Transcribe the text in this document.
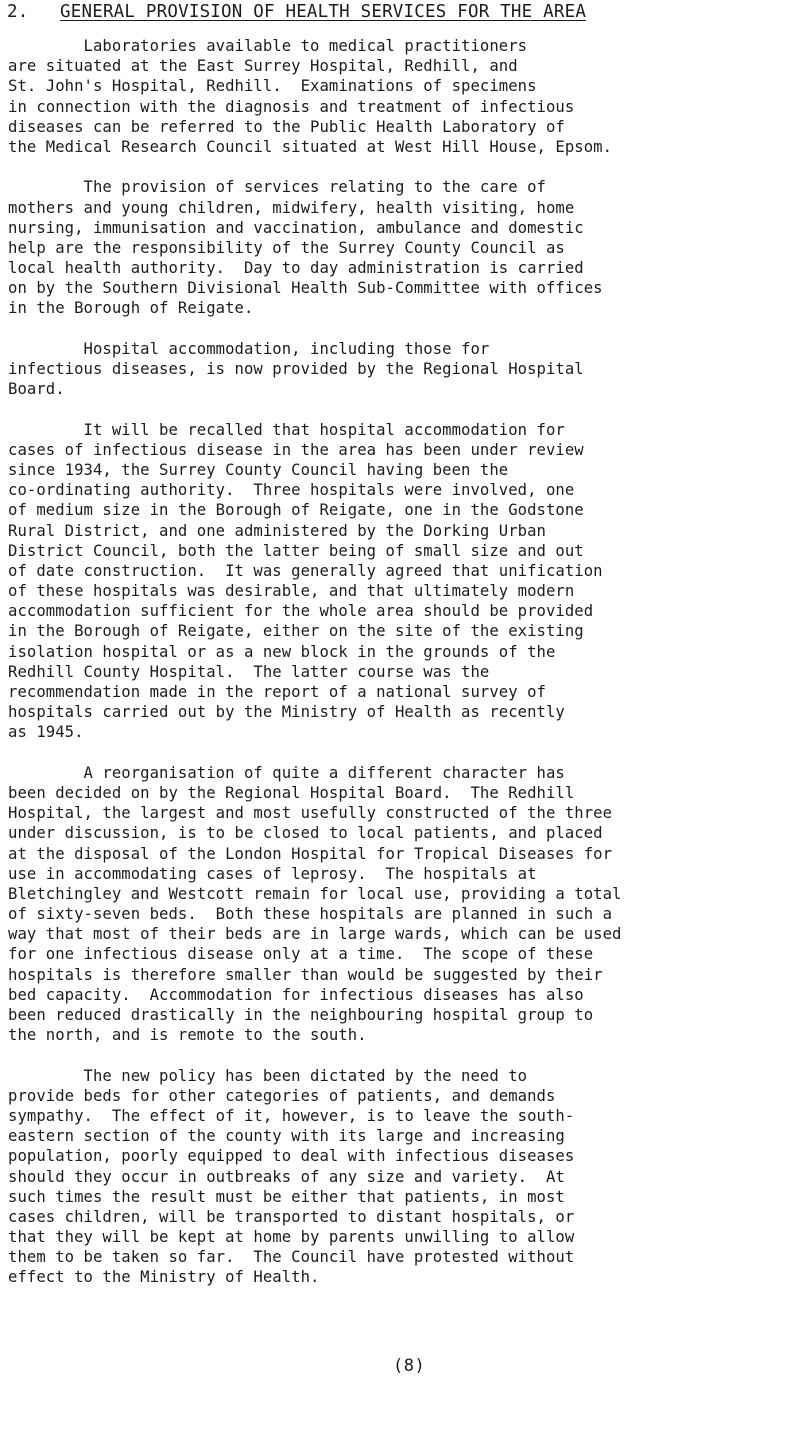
2. GENERAL PROVISION OF HEALTH SERVICES FOR THE AREA
Laboratories available to medical practitioners
are situated at the East Surrey Hospital, Redhill, and
St. John's Hospital, Redhill.  Examinations of specimens
in connection with the diagnosis and treatment of infectious
diseases can be referred to the Public Health Laboratory of
the Medical Research Council situated at West Hill House, Epsom.
The provision of services relating to the care of
mothers and young children, midwifery, health visiting, home
nursing, immunisation and vaccination, ambulance and domestic
help are the responsibility of the Surrey County Council as
local health authority.  Day to day administration is carried
on by the Southern Divisional Health Sub-Committee with offices
in the Borough of Reigate.
Hospital accommodation, including those for
infectious diseases, is now provided by the Regional Hospital
Board.
It will be recalled that hospital accommodation for
cases of infectious disease in the area has been under review
since 1934, the Surrey County Council having been the
co-ordinating authority.  Three hospitals were involved, one
of medium size in the Borough of Reigate, one in the Godstone
Rural District, and one administered by the Dorking Urban
District Council, both the latter being of small size and out
of date construction.  It was generally agreed that unification
of these hospitals was desirable, and that ultimately modern
accommodation sufficient for the whole area should be provided
in the Borough of Reigate, either on the site of the existing
isolation hospital or as a new block in the grounds of the
Redhill County Hospital.  The latter course was the
recommendation made in the report of a national survey of
hospitals carried out by the Ministry of Health as recently
as 1945.
A reorganisation of quite a different character has
been decided on by the Regional Hospital Board.  The Redhill
Hospital, the largest and most usefully constructed of the three
under discussion, is to be closed to local patients, and placed
at the disposal of the London Hospital for Tropical Diseases for
use in accommodating cases of leprosy.  The hospitals at
Bletchingley and Westcott remain for local use, providing a total
of sixty-seven beds.  Both these hospitals are planned in such a
way that most of their beds are in large wards, which can be used
for one infectious disease only at a time.  The scope of these
hospitals is therefore smaller than would be suggested by their
bed capacity.  Accommodation for infectious diseases has also
been reduced drastically in the neighbouring hospital group to
the north, and is remote to the south.
The new policy has been dictated by the need to
provide beds for other categories of patients, and demands
sympathy.  The effect of it, however, is to leave the south-
eastern section of the county with its large and increasing
population, poorly equipped to deal with infectious diseases
should they occur in outbreaks of any size and variety.  At
such times the result must be either that patients, in most
cases children, will be transported to distant hospitals, or
that they will be kept at home by parents unwilling to allow
them to be taken so far.  The Council have protested without
effect to the Ministry of Health.
(8)
